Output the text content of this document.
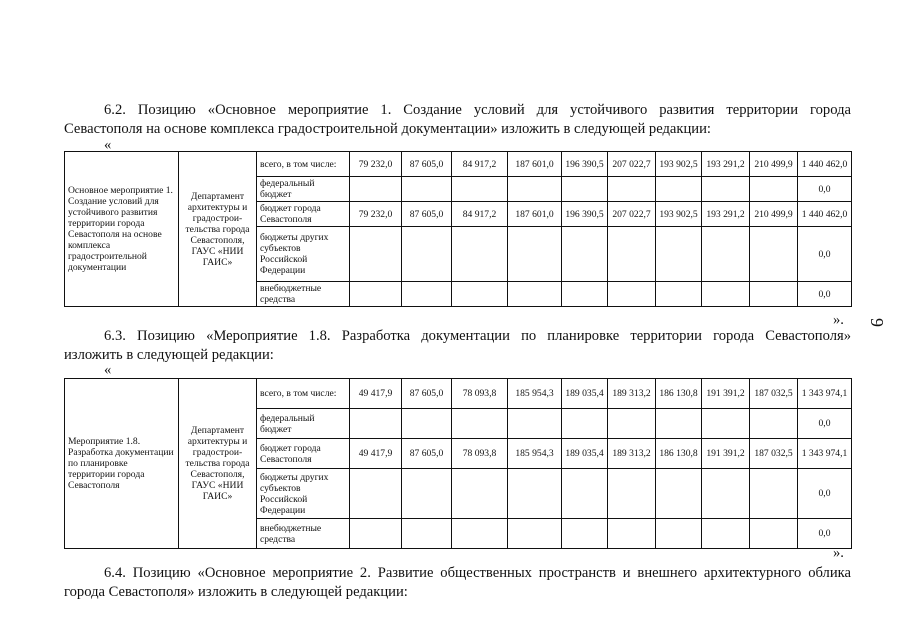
6.2. Позицию «Основное мероприятие 1. Создание условий для устойчивого развития территории города
Севастополя на основе комплекса градостроительной документации» изложить в следующей редакции:
«
Основное мероприятие 1. Создание условий для устойчивого развития территории города Севастополя на основе комплекса градостроительной документации	Департамент архитектуры и градострои-тельства города Севастополя, ГАУС «НИИ ГАИС»	всего, в том числе:	79 232,0	87 605,0	84 917,2	187 601,0	196 390,5	207 022,7	193 902,5	193 291,2	210 499,9	1 440 462,0
		федеральный бюджет										0,0
		бюджет города Севастополя	79 232,0	87 605,0	84 917,2	187 601,0	196 390,5	207 022,7	193 902,5	193 291,2	210 499,9	1 440 462,0
		бюджеты других субъектов Российской Федерации										0,0
		внебюджетные средства										0,0
».
6.3. Позицию «Мероприятие 1.8. Разработка документации по планировке территории города Севастополя»
изложить в следующей редакции:
«
Мероприятие 1.8. Разработка документации по планировке территории города Севастополя	Департамент архитектуры и градострои-тельства города Севастополя, ГАУС «НИИ ГАИС»	всего, в том числе:	49 417,9	87 605,0	78 093,8	185 954,3	189 035,4	189 313,2	186 130,8	191 391,2	187 032,5	1 343 974,1
		федеральный бюджет										0,0
		бюджет города Севастополя	49 417,9	87 605,0	78 093,8	185 954,3	189 035,4	189 313,2	186 130,8	191 391,2	187 032,5	1 343 974,1
		бюджеты других субъектов Российской Федерации										0,0
		внебюджетные средства										0,0
».
6.4. Позицию «Основное мероприятие 2. Развитие общественных пространств и внешнего архитектурного облика
города Севастополя» изложить в следующей редакции:
9
